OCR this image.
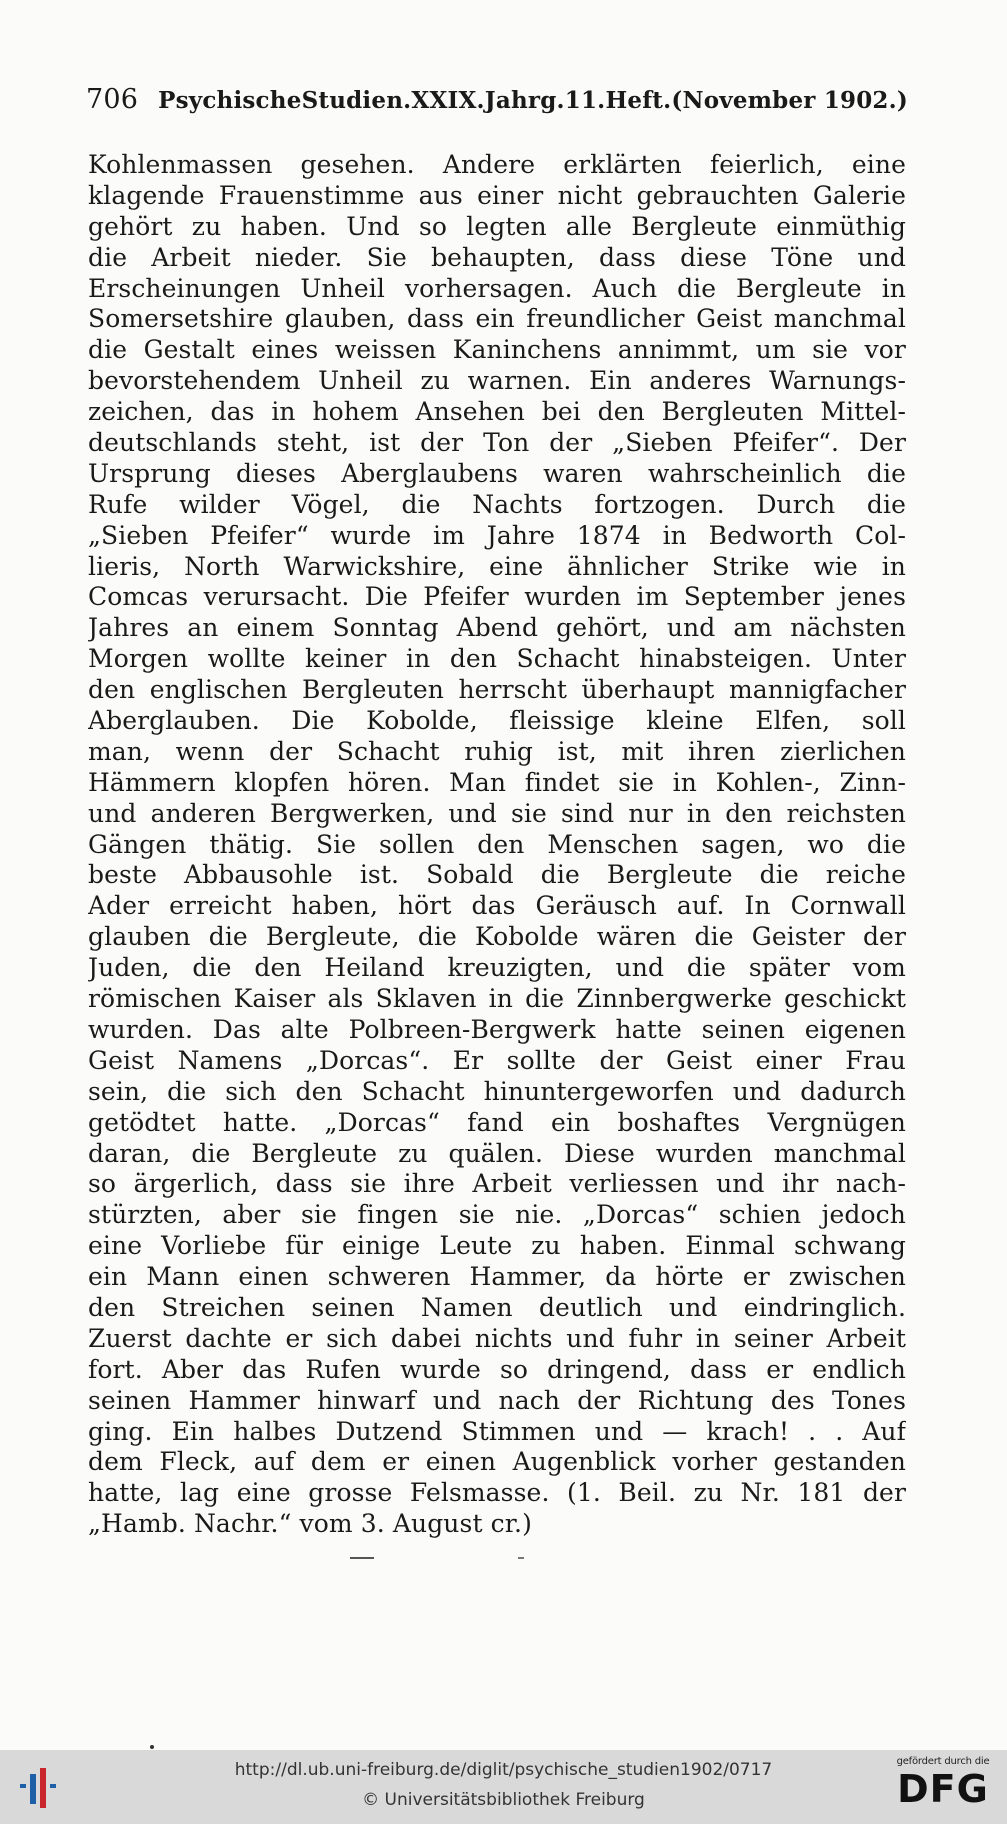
706 Psychische Studien. XXIX. Jahrg. 11. Heft. (November 1902.)
Kohlenmassen gesehen. Andere erklärten feierlich, eine
klagende Frauenstimme aus einer nicht gebrauchten Galerie
gehört zu haben. Und so legten alle Bergleute einmüthig
die Arbeit nieder. Sie behaupten, dass diese Töne und
Erscheinungen Unheil vorhersagen. Auch die Bergleute in
Somersetshire glauben, dass ein freundlicher Geist manchmal
die Gestalt eines weissen Kaninchens annimmt, um sie vor
bevorstehendem Unheil zu warnen. Ein anderes Warnungs-
zeichen, das in hohem Ansehen bei den Bergleuten Mittel-
deutschlands steht, ist der Ton der „Sieben Pfeifer“. Der
Ursprung dieses Aberglaubens waren wahrscheinlich die
Rufe wilder Vögel, die Nachts fortzogen. Durch die
„Sieben Pfeifer“ wurde im Jahre 1874 in Bedworth Col-
lieris, North Warwickshire, eine ähnlicher Strike wie in
Comcas verursacht. Die Pfeifer wurden im September jenes
Jahres an einem Sonntag Abend gehört, und am nächsten
Morgen wollte keiner in den Schacht hinabsteigen. Unter
den englischen Bergleuten herrscht überhaupt mannigfacher
Aberglauben. Die Kobolde, fleissige kleine Elfen, soll
man, wenn der Schacht ruhig ist, mit ihren zierlichen
Hämmern klopfen hören. Man findet sie in Kohlen-, Zinn-
und anderen Bergwerken, und sie sind nur in den reichsten
Gängen thätig. Sie sollen den Menschen sagen, wo die
beste Abbausohle ist. Sobald die Bergleute die reiche
Ader erreicht haben, hört das Geräusch auf. In Cornwall
glauben die Bergleute, die Kobolde wären die Geister der
Juden, die den Heiland kreuzigten, und die später vom
römischen Kaiser als Sklaven in die Zinnbergwerke geschickt
wurden. Das alte Polbreen-Bergwerk hatte seinen eigenen
Geist Namens „Dorcas“. Er sollte der Geist einer Frau
sein, die sich den Schacht hinuntergeworfen und dadurch
getödtet hatte. „Dorcas“ fand ein boshaftes Vergnügen
daran, die Bergleute zu quälen. Diese wurden manchmal
so ärgerlich, dass sie ihre Arbeit verliessen und ihr nach-
stürzten, aber sie fingen sie nie. „Dorcas“ schien jedoch
eine Vorliebe für einige Leute zu haben. Einmal schwang
ein Mann einen schweren Hammer, da hörte er zwischen
den Streichen seinen Namen deutlich und eindringlich.
Zuerst dachte er sich dabei nichts und fuhr in seiner Arbeit
fort. Aber das Rufen wurde so dringend, dass er endlich
seinen Hammer hinwarf und nach der Richtung des Tones
ging. Ein halbes Dutzend Stimmen und — krach! . . Auf
dem Fleck, auf dem er einen Augenblick vorher gestanden
hatte, lag eine grosse Felsmasse. (1. Beil. zu Nr. 181 der
„Hamb. Nachr.“ vom 3. August cr.)
http://dl.ub.uni-freiburg.de/diglit/psychische_studien1902/0717
© Universitätsbibliothek Freiburg
gefördert durch die
DFG
